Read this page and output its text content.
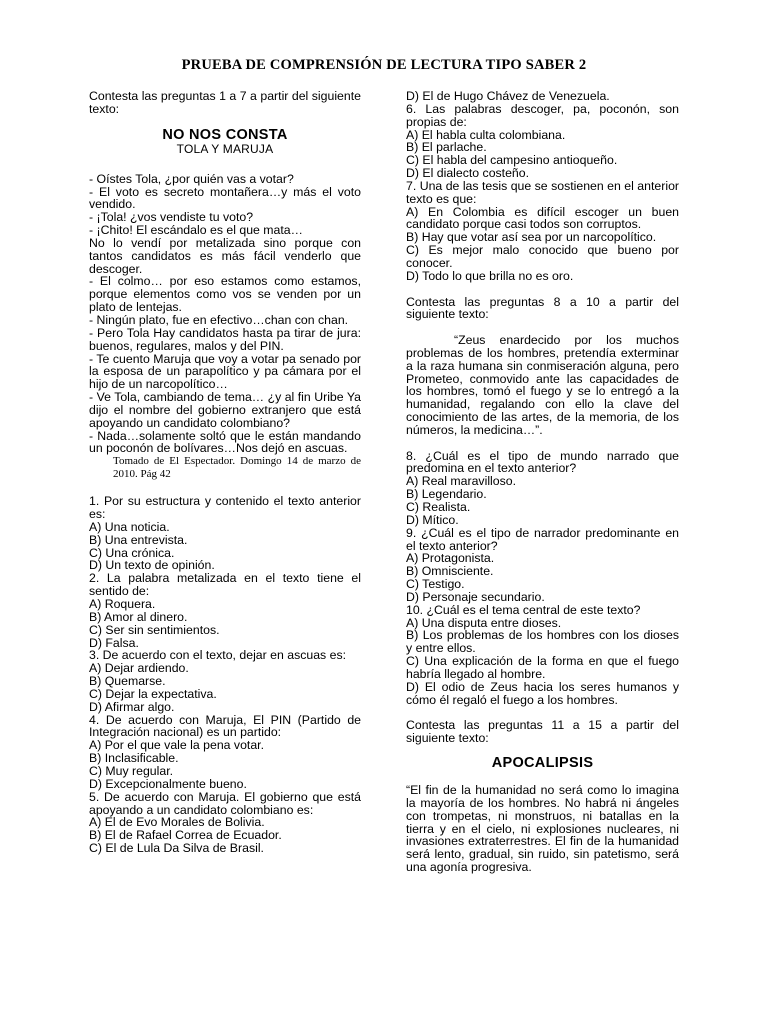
PRUEBA DE COMPRENSIÓN DE LECTURA TIPO SABER 2

Contesta las preguntas 1 a 7 a partir del siguiente texto:

NO NOS CONSTA
TOLA Y MARUJA

- Oístes Tola, ¿por quién vas a votar?

- El voto es secreto montañera…y más el voto vendido.

- ¡Tola! ¿vos vendiste tu voto?

- ¡Chito! El escándalo es el que mata…

No lo vendí por metalizada sino porque con tantos candidatos es más fácil venderlo que descoger.

- El colmo… por eso estamos como estamos, porque elementos como vos se venden por un plato de lentejas.

- Ningún plato, fue en efectivo…chan con chan.

- Pero Tola Hay candidatos hasta pa tirar de jura: buenos, regulares, malos y del PIN.

- Te cuento Maruja que voy a votar pa senado por la esposa de un parapolítico y pa cámara por el hijo de un narcopolítico…

- Ve Tola, cambiando de tema… ¿y al fin Uribe Ya dijo el nombre del gobierno extranjero que está apoyando un candidato colombiano?

- Nada…solamente soltó que le están mandando un poconón de bolívares…Nos dejó en ascuas.

Tomado de El Espectador. Domingo 14 de marzo de 2010. Pág 42

1. Por su estructura y contenido el texto anterior es:

A) Una noticia.

B) Una entrevista.

C) Una crónica.

D) Un texto de opinión.

2. La palabra metalizada en el texto tiene el sentido de:

A) Roquera.

B) Amor al dinero.

C) Ser sin sentimientos.

D) Falsa.

3. De acuerdo con el texto, dejar en ascuas es:

A) Dejar ardiendo.

B) Quemarse.

C) Dejar la expectativa.

D) Afirmar algo.

4. De acuerdo con Maruja, El PIN (Partido de Integración nacional) es un partido:

A) Por el que vale la pena votar.

B) Inclasificable.

C) Muy regular.

D) Excepcionalmente bueno.

5. De acuerdo con Maruja. El gobierno que está apoyando a un candidato colombiano es:

A) El de Evo Morales de Bolivia.

B) El de Rafael Correa de Ecuador.

C) El de Lula Da Silva de Brasil.

D) El de Hugo Chávez de Venezuela.

6. Las palabras descoger, pa, poconón, son propias de:

A) El habla culta colombiana.

B) El parlache.

C) El habla del campesino antioqueño.

D) El dialecto costeño.

7. Una de las tesis que se sostienen en el anterior texto es que:

A) En Colombia es difícil escoger un buen candidato porque casi todos son corruptos.

B) Hay que votar así sea por un narcopolítico.

C) Es mejor malo conocido que bueno por conocer.

D) Todo lo que brilla no es oro.

Contesta las preguntas 8 a 10 a partir del siguiente texto:

“Zeus enardecido por los muchos problemas de los hombres, pretendía exterminar a la raza humana sin conmiseración alguna, pero Prometeo, conmovido ante las capacidades de los hombres, tomó el fuego y se lo entregó a la humanidad, regalando con ello la clave del conocimiento de las artes, de la memoria, de los números, la medicina…”.

8. ¿Cuál es el tipo de mundo narrado que predomina en el texto anterior?

A) Real maravilloso.

B) Legendario.

C) Realista.

D) Mítico.

9. ¿Cuál es el tipo de narrador predominante en el texto anterior?

A) Protagonista.

B) Omnisciente.

C) Testigo.

D) Personaje secundario.

10. ¿Cuál es el tema central de este texto?

A) Una disputa entre dioses.

B) Los problemas de los hombres con los dioses y entre ellos.

C) Una explicación de la forma en que el fuego habría llegado al hombre.

D) El odio de Zeus hacia los seres humanos y cómo él regaló el fuego a los hombres.

Contesta las preguntas 11 a 15 a partir del siguiente texto:

APOCALIPSIS

“El fin de la humanidad no será como lo imagina la mayoría de los hombres. No habrá ni ángeles con trompetas, ni monstruos, ni batallas en la tierra y en el cielo, ni explosiones nucleares, ni invasiones extraterrestres. El fin de la humanidad será lento, gradual, sin ruido, sin patetismo, será una agonía progresiva.
